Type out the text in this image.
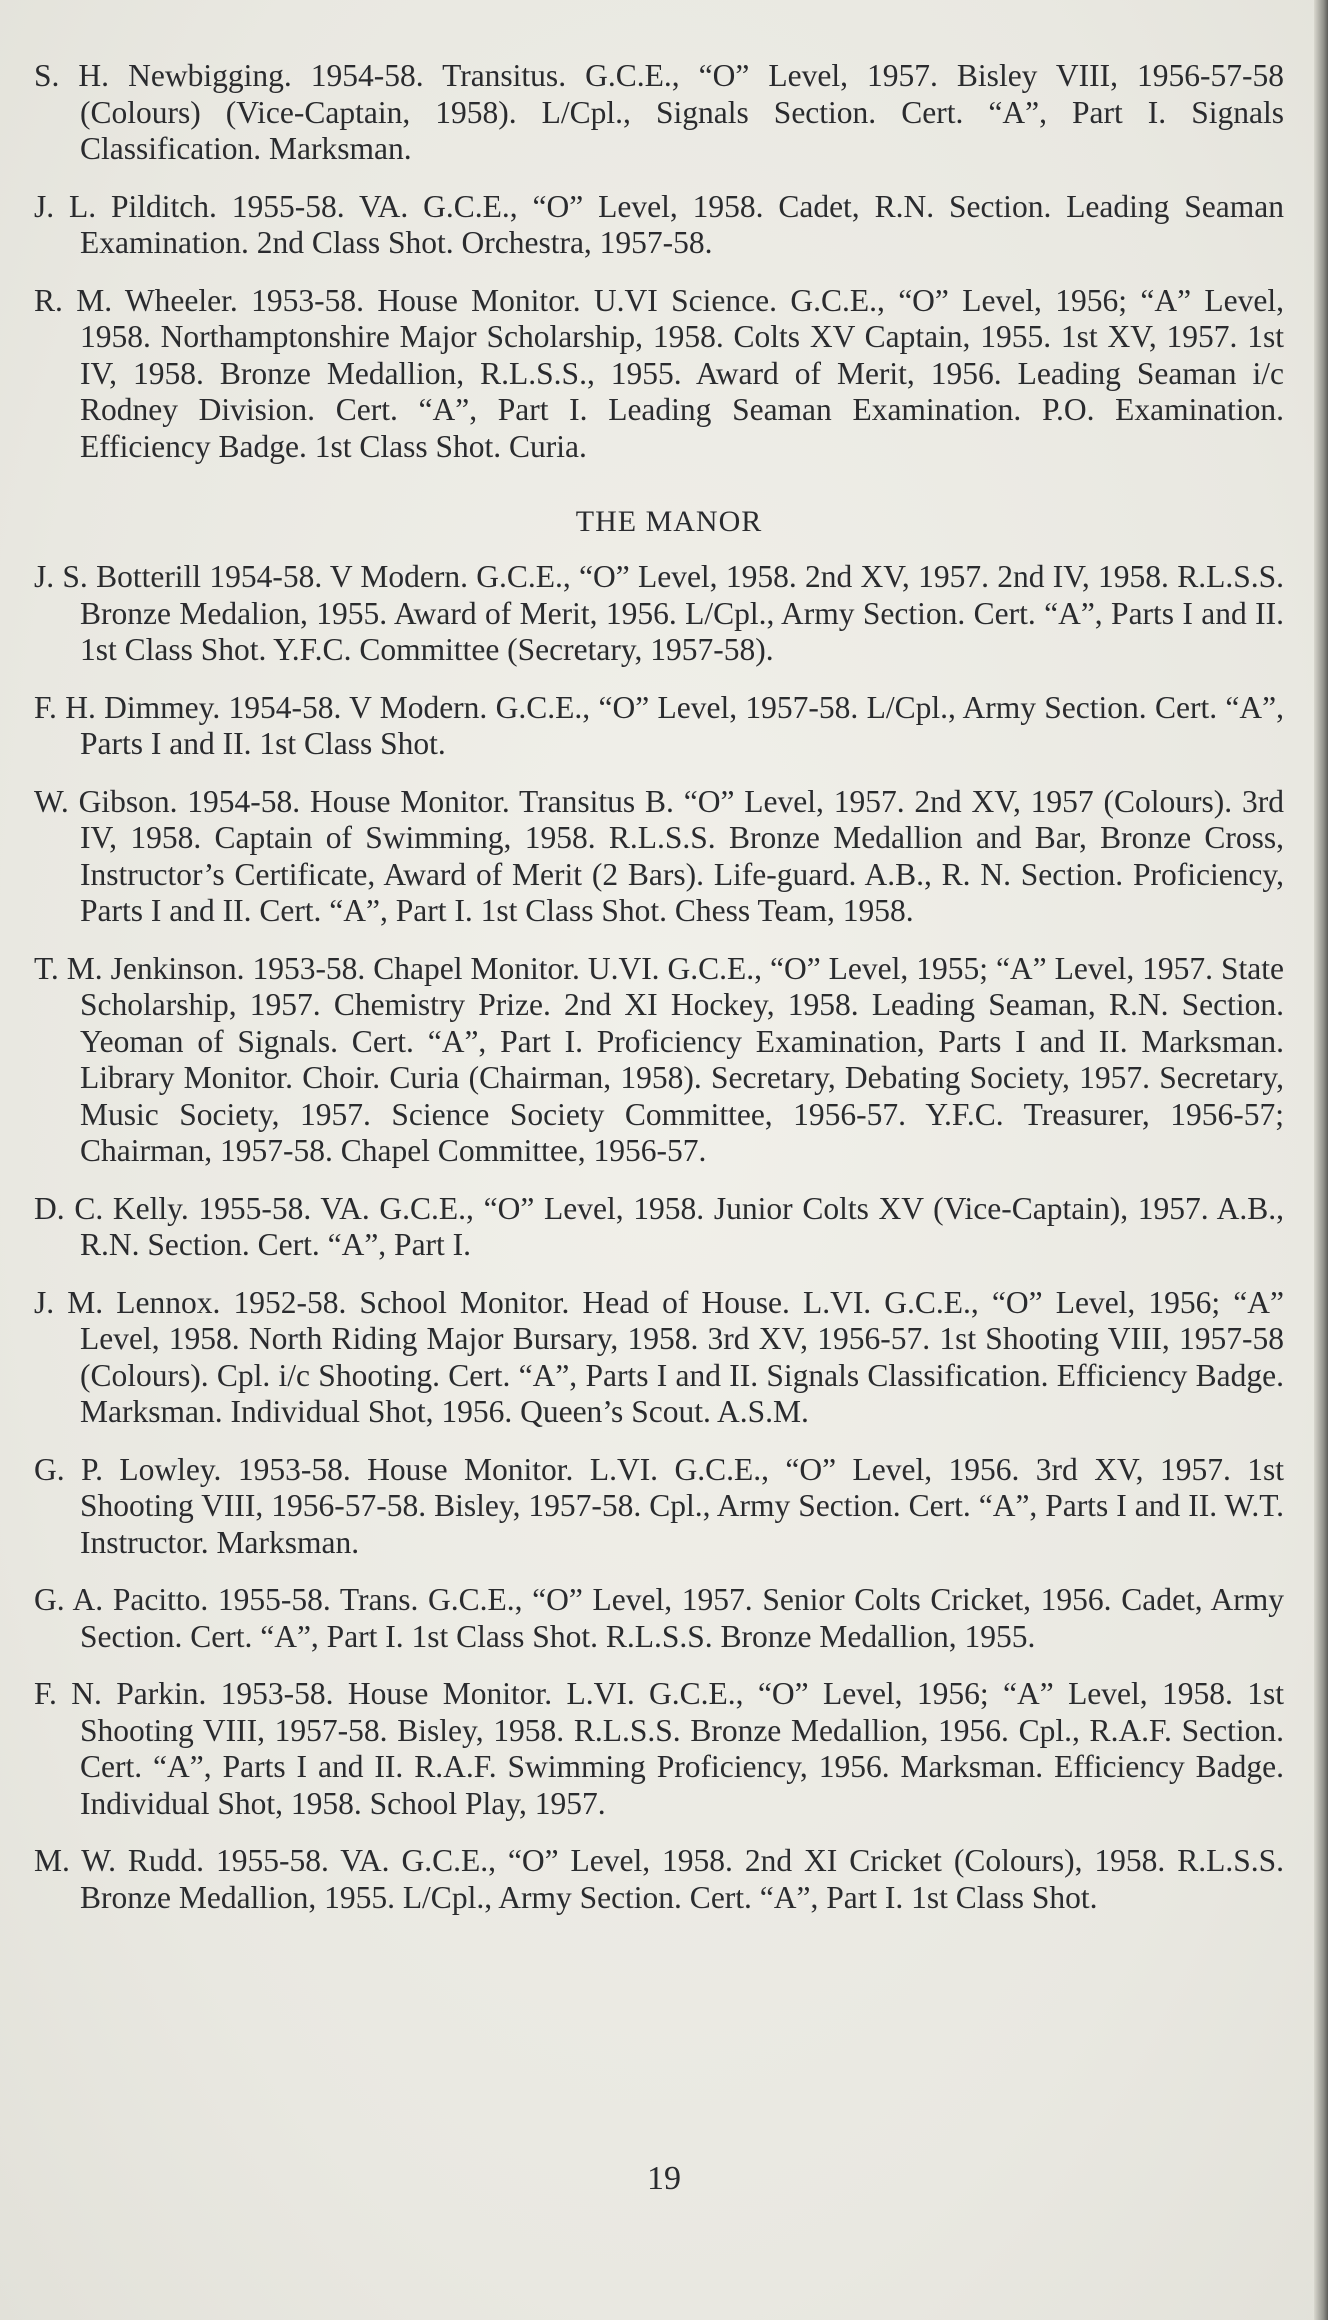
S. H. Newbigging. 1954-58. Transitus. G.C.E., “O” Level, 1957. Bisley VIII, 1956-57-58 (Colours) (Vice-Captain, 1958). L/Cpl., Signals Section. Cert. “A”, Part I. Signals Classification. Marksman.

J. L. Pilditch. 1955-58. VA. G.C.E., “O” Level, 1958. Cadet, R.N. Section. Leading Seaman Examination. 2nd Class Shot. Orchestra, 1957-58.

R. M. Wheeler. 1953-58. House Monitor. U.VI Science. G.C.E., “O” Level, 1956; “A” Level, 1958. Northamptonshire Major Scholarship, 1958. Colts XV Captain, 1955. 1st XV, 1957. 1st IV, 1958. Bronze Medallion, R.L.S.S., 1955. Award of Merit, 1956. Leading Seaman i/c Rodney Division. Cert. “A”, Part I. Leading Seaman Examination. P.O. Examination. Efficiency Badge. 1st Class Shot. Curia.

THE MANOR

J. S. Botterill 1954-58. V Modern. G.C.E., “O” Level, 1958. 2nd XV, 1957. 2nd IV, 1958. R.L.S.S. Bronze Medalion, 1955. Award of Merit, 1956. L/Cpl., Army Section. Cert. “A”, Parts I and II. 1st Class Shot. Y.F.C. Committee (Secretary, 1957-58).

F. H. Dimmey. 1954-58. V Modern. G.C.E., “O” Level, 1957-58. L/Cpl., Army Section. Cert. “A”, Parts I and II. 1st Class Shot.

W. Gibson. 1954-58. House Monitor. Transitus B. “O” Level, 1957. 2nd XV, 1957 (Colours). 3rd IV, 1958. Captain of Swimming, 1958. R.L.S.S. Bronze Medallion and Bar, Bronze Cross, Instructor’s Certificate, Award of Merit (2 Bars). Life-guard. A.B., R. N. Section. Proficiency, Parts I and II. Cert. “A”, Part I. 1st Class Shot. Chess Team, 1958.

T. M. Jenkinson. 1953-58. Chapel Monitor. U.VI. G.C.E., “O” Level, 1955; “A” Level, 1957. State Scholarship, 1957. Chemistry Prize. 2nd XI Hockey, 1958. Leading Seaman, R.N. Section. Yeoman of Signals. Cert. “A”, Part I. Proficiency Examination, Parts I and II. Marksman. Library Monitor. Choir. Curia (Chairman, 1958). Secretary, Debating Society, 1957. Secretary, Music Society, 1957. Science Society Committee, 1956-57. Y.F.C. Treasurer, 1956-57; Chairman, 1957-58. Chapel Committee, 1956-57.

D. C. Kelly. 1955-58. VA. G.C.E., “O” Level, 1958. Junior Colts XV (Vice-Captain), 1957. A.B., R.N. Section. Cert. “A”, Part I.

J. M. Lennox. 1952-58. School Monitor. Head of House. L.VI. G.C.E., “O” Level, 1956; “A” Level, 1958. North Riding Major Bursary, 1958. 3rd XV, 1956-57. 1st Shooting VIII, 1957-58 (Colours). Cpl. i/c Shooting. Cert. “A”, Parts I and II. Signals Classification. Efficiency Badge. Marksman. Individual Shot, 1956. Queen’s Scout. A.S.M.

G. P. Lowley. 1953-58. House Monitor. L.VI. G.C.E., “O” Level, 1956. 3rd XV, 1957. 1st Shooting VIII, 1956-57-58. Bisley, 1957-58. Cpl., Army Section. Cert. “A”, Parts I and II. W.T. Instructor. Marksman.

G. A. Pacitto. 1955-58. Trans. G.C.E., “O” Level, 1957. Senior Colts Cricket, 1956. Cadet, Army Section. Cert. “A”, Part I. 1st Class Shot. R.L.S.S. Bronze Medallion, 1955.

F. N. Parkin. 1953-58. House Monitor. L.VI. G.C.E., “O” Level, 1956; “A” Level, 1958. 1st Shooting VIII, 1957-58. Bisley, 1958. R.L.S.S. Bronze Medallion, 1956. Cpl., R.A.F. Section. Cert. “A”, Parts I and II. R.A.F. Swimming Proficiency, 1956. Marksman. Efficiency Badge. Individual Shot, 1958. School Play, 1957.

M. W. Rudd. 1955-58. VA. G.C.E., “O” Level, 1958. 2nd XI Cricket (Colours), 1958. R.L.S.S. Bronze Medallion, 1955. L/Cpl., Army Section. Cert. “A”, Part I. 1st Class Shot.

19
